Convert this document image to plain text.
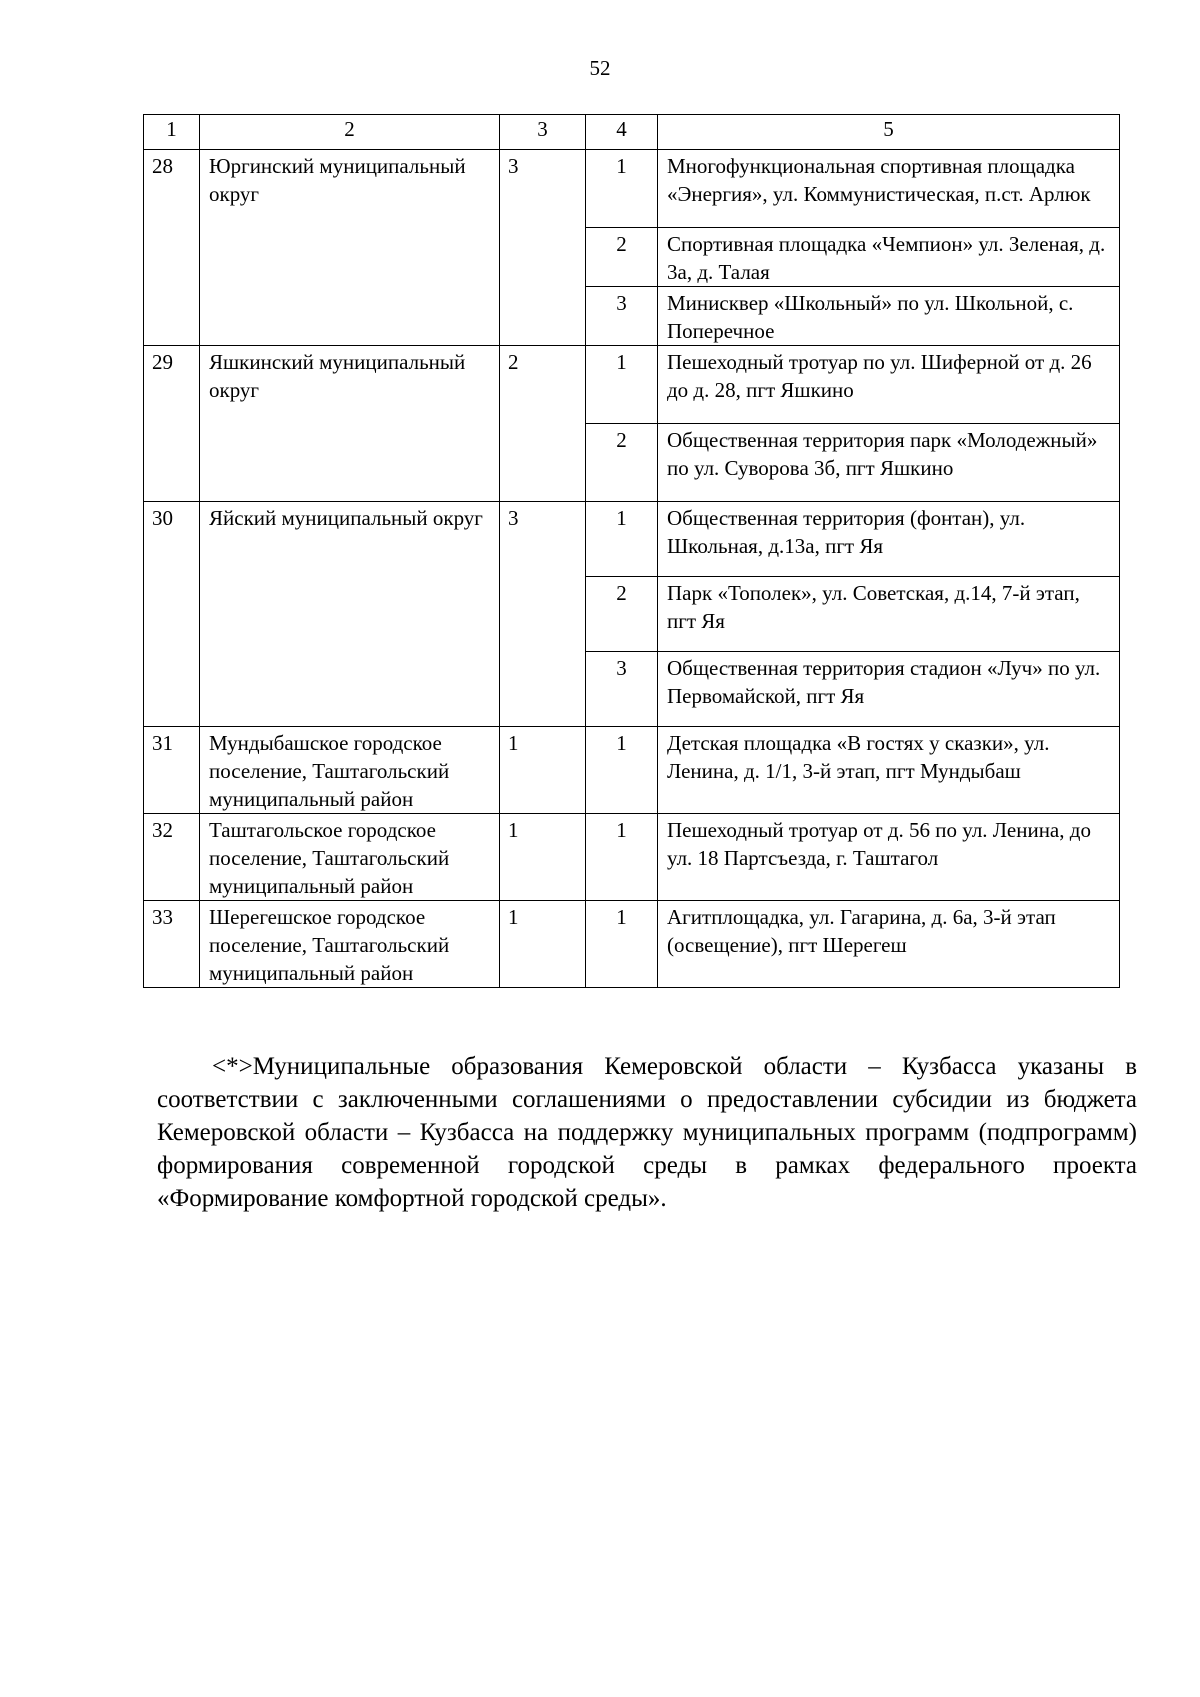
52
1	2	3	4	5
28	Юргинский муниципальный округ	3	1	Многофункциональная спортивная площадка «Энергия», ул. Коммунистическая, п.ст. Арлюк
			2	Спортивная площадка «Чемпион» ул. Зеленая, д. 3а, д. Талая
			3	Минисквер «Школьный» по ул. Школьной, с. Поперечное
29	Яшкинский муниципальный округ	2	1	Пешеходный тротуар по ул. Шиферной от д. 26 до д. 28, пгт Яшкино
			2	Общественная территория парк «Молодежный» по ул. Суворова 3б, пгт Яшкино
30	Яйский муниципальный округ	3	1	Общественная территория (фонтан), ул. Школьная, д.13а, пгт Яя
			2	Парк «Тополек», ул. Советская, д.14, 7-й этап, пгт Яя
			3	Общественная территория стадион «Луч» по ул. Первомайской, пгт Яя
31	Мундыбашское городское поселение, Таштагольский муниципальный район	1	1	Детская площадка «В гостях у сказки», ул. Ленина, д. 1/1, 3-й этап, пгт Мундыбаш
32	Таштагольское городское поселение, Таштагольский муниципальный район	1	1	Пешеходный тротуар от д. 56 по ул. Ленина, до ул. 18 Партсъезда, г. Таштагол
33	Шерегешское городское поселение, Таштагольский муниципальный район	1	1	Агитплощадка, ул. Гагарина, д. 6а, 3-й этап (освещение), пгт Шерегеш

<*>Муниципальные образования Кемеровской области – Кузбасса указаны в соответствии с заключенными соглашениями о предоставлении субсидии из бюджета Кемеровской области – Кузбасса на поддержку муниципальных программ (подпрограмм) формирования современной городской среды в рамках федерального проекта «Формирование комфортной городской среды».
